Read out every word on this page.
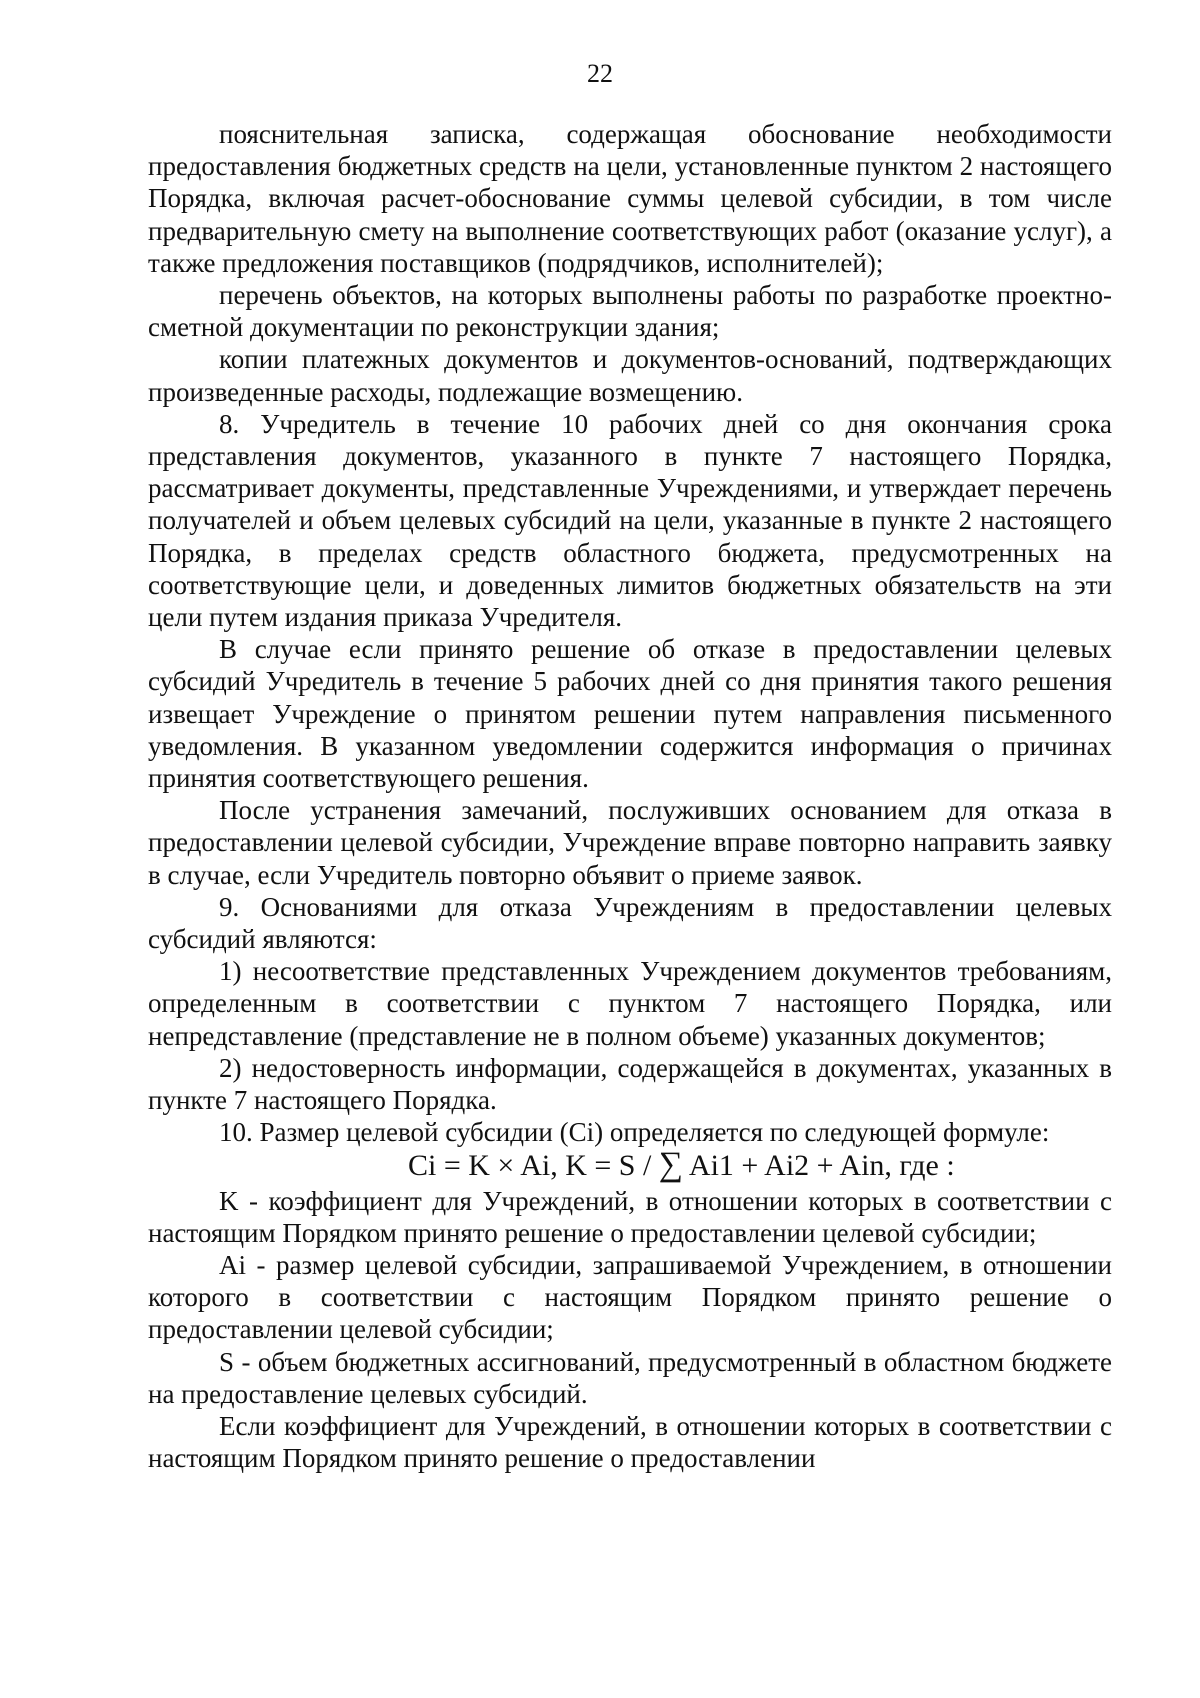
22

пояснительная записка, содержащая обоснование необходимости предоставления бюджетных средств на цели, установленные пунктом 2 настоящего Порядка, включая расчет-обоснование суммы целевой субсидии, в том числе предварительную смету на выполнение соответствующих работ (оказание услуг), а также предложения поставщиков (подрядчиков, исполнителей);

перечень объектов, на которых выполнены работы по разработке проектно-сметной документации по реконструкции здания;

копии платежных документов и документов-оснований, подтверждающих произведенные расходы, подлежащие возмещению.

8. Учредитель в течение 10 рабочих дней со дня окончания срока представления документов, указанного в пункте 7 настоящего Порядка, рассматривает документы, представленные Учреждениями, и утверждает перечень получателей и объем целевых субсидий на цели, указанные в пункте 2 настоящего Порядка, в пределах средств областного бюджета, предусмотренных на соответствующие цели, и доведенных лимитов бюджетных обязательств на эти цели путем издания приказа Учредителя.

В случае если принято решение об отказе в предоставлении целевых субсидий Учредитель в течение 5 рабочих дней со дня принятия такого решения извещает Учреждение о принятом решении путем направления письменного уведомления. В указанном уведомлении содержится информация о причинах принятия соответствующего решения.

После устранения замечаний, послуживших основанием для отказа в предоставлении целевой субсидии, Учреждение вправе повторно направить заявку в случае, если Учредитель повторно объявит о приеме заявок.

9. Основаниями для отказа Учреждениям в предоставлении целевых субсидий являются:

1) несоответствие представленных Учреждением документов требованиям, определенным в соответствии с пунктом 7 настоящего Порядка, или непредставление (представление не в полном объеме) указанных документов;

2) недостоверность информации, содержащейся в документах, указанных в пункте 7 настоящего Порядка.

10. Размер целевой субсидии (Ci) определяется по следующей формуле:

Ci = K × Ai, K = S / ∑ Ai1 + Ai2 + Ain, где :

K - коэффициент для Учреждений, в отношении которых в соответствии с настоящим Порядком принято решение о предоставлении целевой субсидии;

Ai - размер целевой субсидии, запрашиваемой Учреждением, в отношении которого в соответствии с настоящим Порядком принято решение о предоставлении целевой субсидии;

S - объем бюджетных ассигнований, предусмотренный в областном бюджете на предоставление целевых субсидий.

Если коэффициент для Учреждений, в отношении которых в соответствии с настоящим Порядком принято решение о предоставлении
